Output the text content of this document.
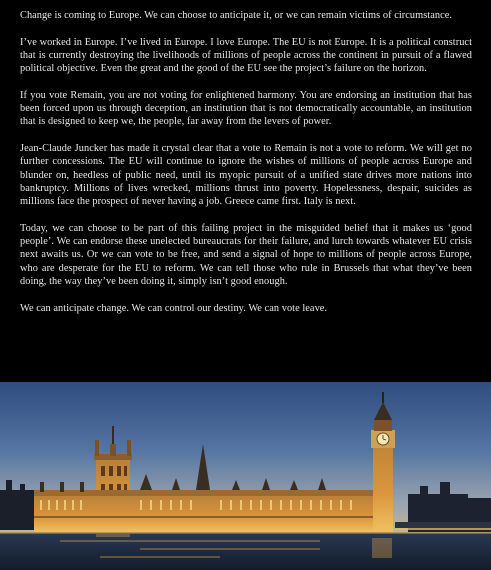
Change is coming to Europe. We can choose to anticipate it, or we can remain victims of circumstance.

I’ve worked in Europe. I’ve lived in Europe. I love Europe. The EU is not Europe. It is a political construct that is currently destroying the livelihoods of millions of people across the continent in pursuit of a flawed political objective. Even the great and the good of the EU see the project’s failure on the horizon.

If you vote Remain, you are not voting for enlightened harmony. You are endorsing an institution that has been forced upon us through deception, an institution that is not democratically accountable, an institution that is designed to keep we, the people, far away from the levers of power.

Jean-Claude Juncker has made it crystal clear that a vote to Remain is not a vote to reform. We will get no further concessions. The EU will continue to ignore the wishes of millions of people across Europe and blunder on, heedless of public need, until its myopic pursuit of a unified state drives more nations into bankruptcy. Millions of lives wrecked, millions thrust into poverty. Hopelessness, despair, suicides as millions face the prospect of never having a job. Greece came first. Italy is next.

Today, we can choose to be part of this failing project in the misguided belief that it makes us ‘good people’. We can endorse these unelected bureaucrats for their failure, and lurch towards whatever EU crisis next awaits us. Or we can vote to be free, and send a signal of hope to millions of people across Europe, who are desperate for the EU to reform. We can tell those who rule in Brussels that what they’ve been doing, the way they’ve been doing it, simply isn’t good enough.

We can anticipate change. We can control our destiny. We can vote leave.
